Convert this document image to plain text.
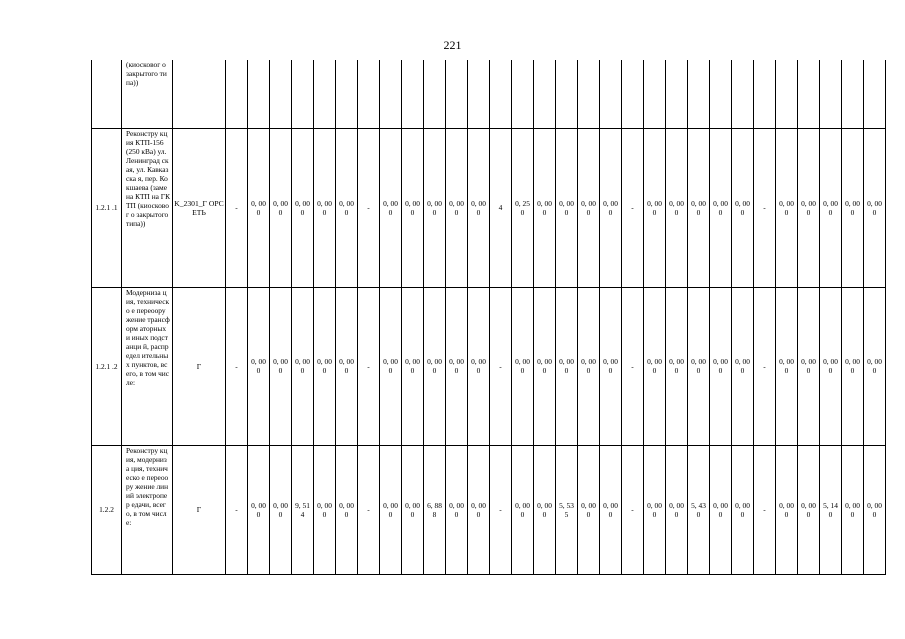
221
	(киосковог о закрытого типа))																															
1.2.1 .1	Реконстру кция КТП-156 (250 кВа) ул. Ленинград ская, ул. Кавказска я, пер. Кокшаева (замена КТП на ГКТП (киосковог о закрытого типа))	K_2301_Г ОРСЕТЬ	-	0, 00 0	0, 00 0	0, 00 0	0, 00 0	0, 00 0	-	0, 00 0	0, 00 0	0, 00 0	0, 00 0	0, 00 0	4	0, 25 0	0, 00 0	0, 00 0	0, 00 0	0, 00 0	-	0, 00 0	0, 00 0	0, 00 0	0, 00 0	0, 00 0	-	0, 00 0	0, 00 0	0, 00 0	0, 00 0	0, 00 0
1.2.1 .2	Модерниза ция, техническо е переоору жение трансформ аторных и иных подстанци й, распредел ительных пунктов, всего, в том числе:	Г	-	0, 00 0	0, 00 0	0, 00 0	0, 00 0	0, 00 0	-	0, 00 0	0, 00 0	0, 00 0	0, 00 0	0, 00 0	-	0, 00 0	0, 00 0	0, 00 0	0, 00 0	0, 00 0	-	0, 00 0	0, 00 0	0, 00 0	0, 00 0	0, 00 0	-	0, 00 0	0, 00 0	0, 00 0	0, 00 0	0, 00 0
1.2.2	Реконстру кция, модерниза ция, техническо е переоору жение линий электропер едачи, всего, в том числе:	Г	-	0, 00 0	0, 00 0	9, 51 4	0, 00 0	0, 00 0	-	0, 00 0	0, 00 0	6, 88 8	0, 00 0	0, 00 0	-	0, 00 0	0, 00 0	5, 53 5	0, 00 0	0, 00 0	-	0, 00 0	0, 00 0	5, 43 0	0, 00 0	0, 00 0	-	0, 00 0	0, 00 0	5, 14 0	0, 00 0	0, 00 0
